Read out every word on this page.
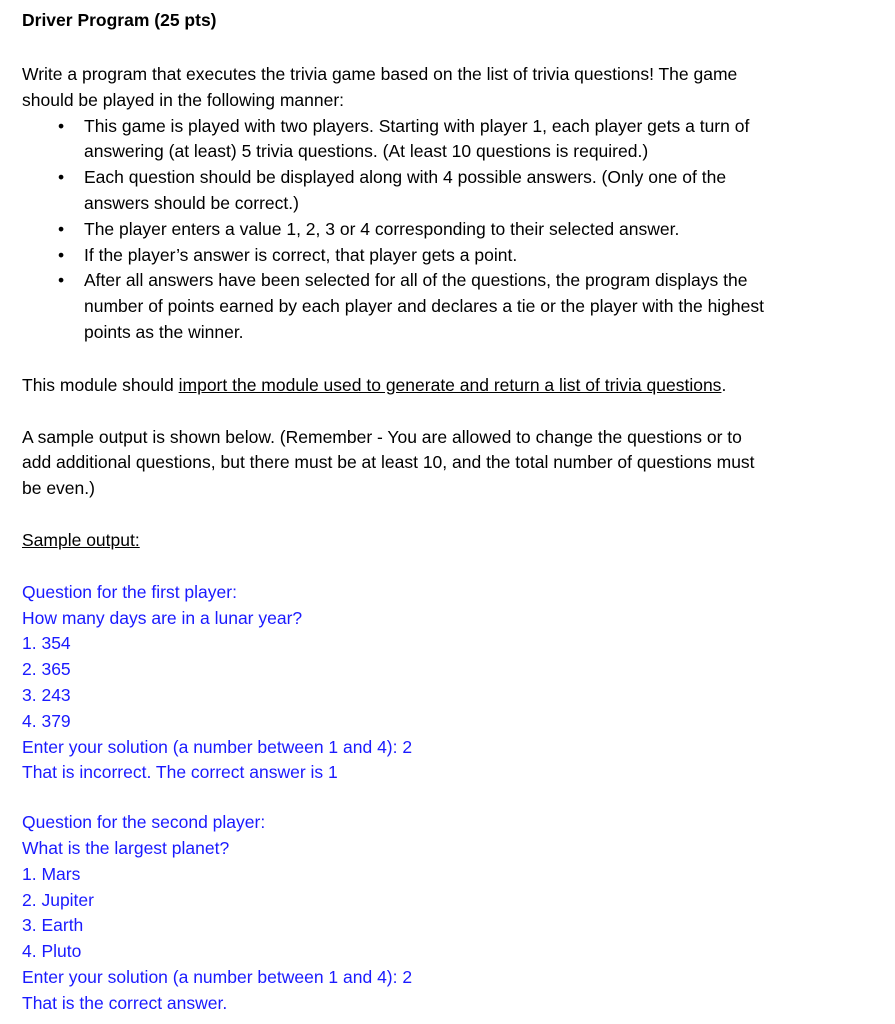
Driver Program (25 pts)
Write a program that executes the trivia game based on the list of trivia questions! The game
should be played in the following manner:
• This game is played with two players. Starting with player 1, each player gets a turn of
answering (at least) 5 trivia questions. (At least 10 questions is required.)
• Each question should be displayed along with 4 possible answers. (Only one of the
answers should be correct.)
• The player enters a value 1, 2, 3 or 4 corresponding to their selected answer.
• If the player’s answer is correct, that player gets a point.
• After all answers have been selected for all of the questions, the program displays the
number of points earned by each player and declares a tie or the player with the highest
points as the winner.
This module should import the module used to generate and return a list of trivia questions.
A sample output is shown below. (Remember - You are allowed to change the questions or to
add additional questions, but there must be at least 10, and the total number of questions must
be even.)
Sample output:
Question for the first player:
How many days are in a lunar year?
1. 354
2. 365
3. 243
4. 379
Enter your solution (a number between 1 and 4): 2
That is incorrect. The correct answer is 1
Question for the second player:
What is the largest planet?
1. Mars
2. Jupiter
3. Earth
4. Pluto
Enter your solution (a number between 1 and 4): 2
That is the correct answer.
